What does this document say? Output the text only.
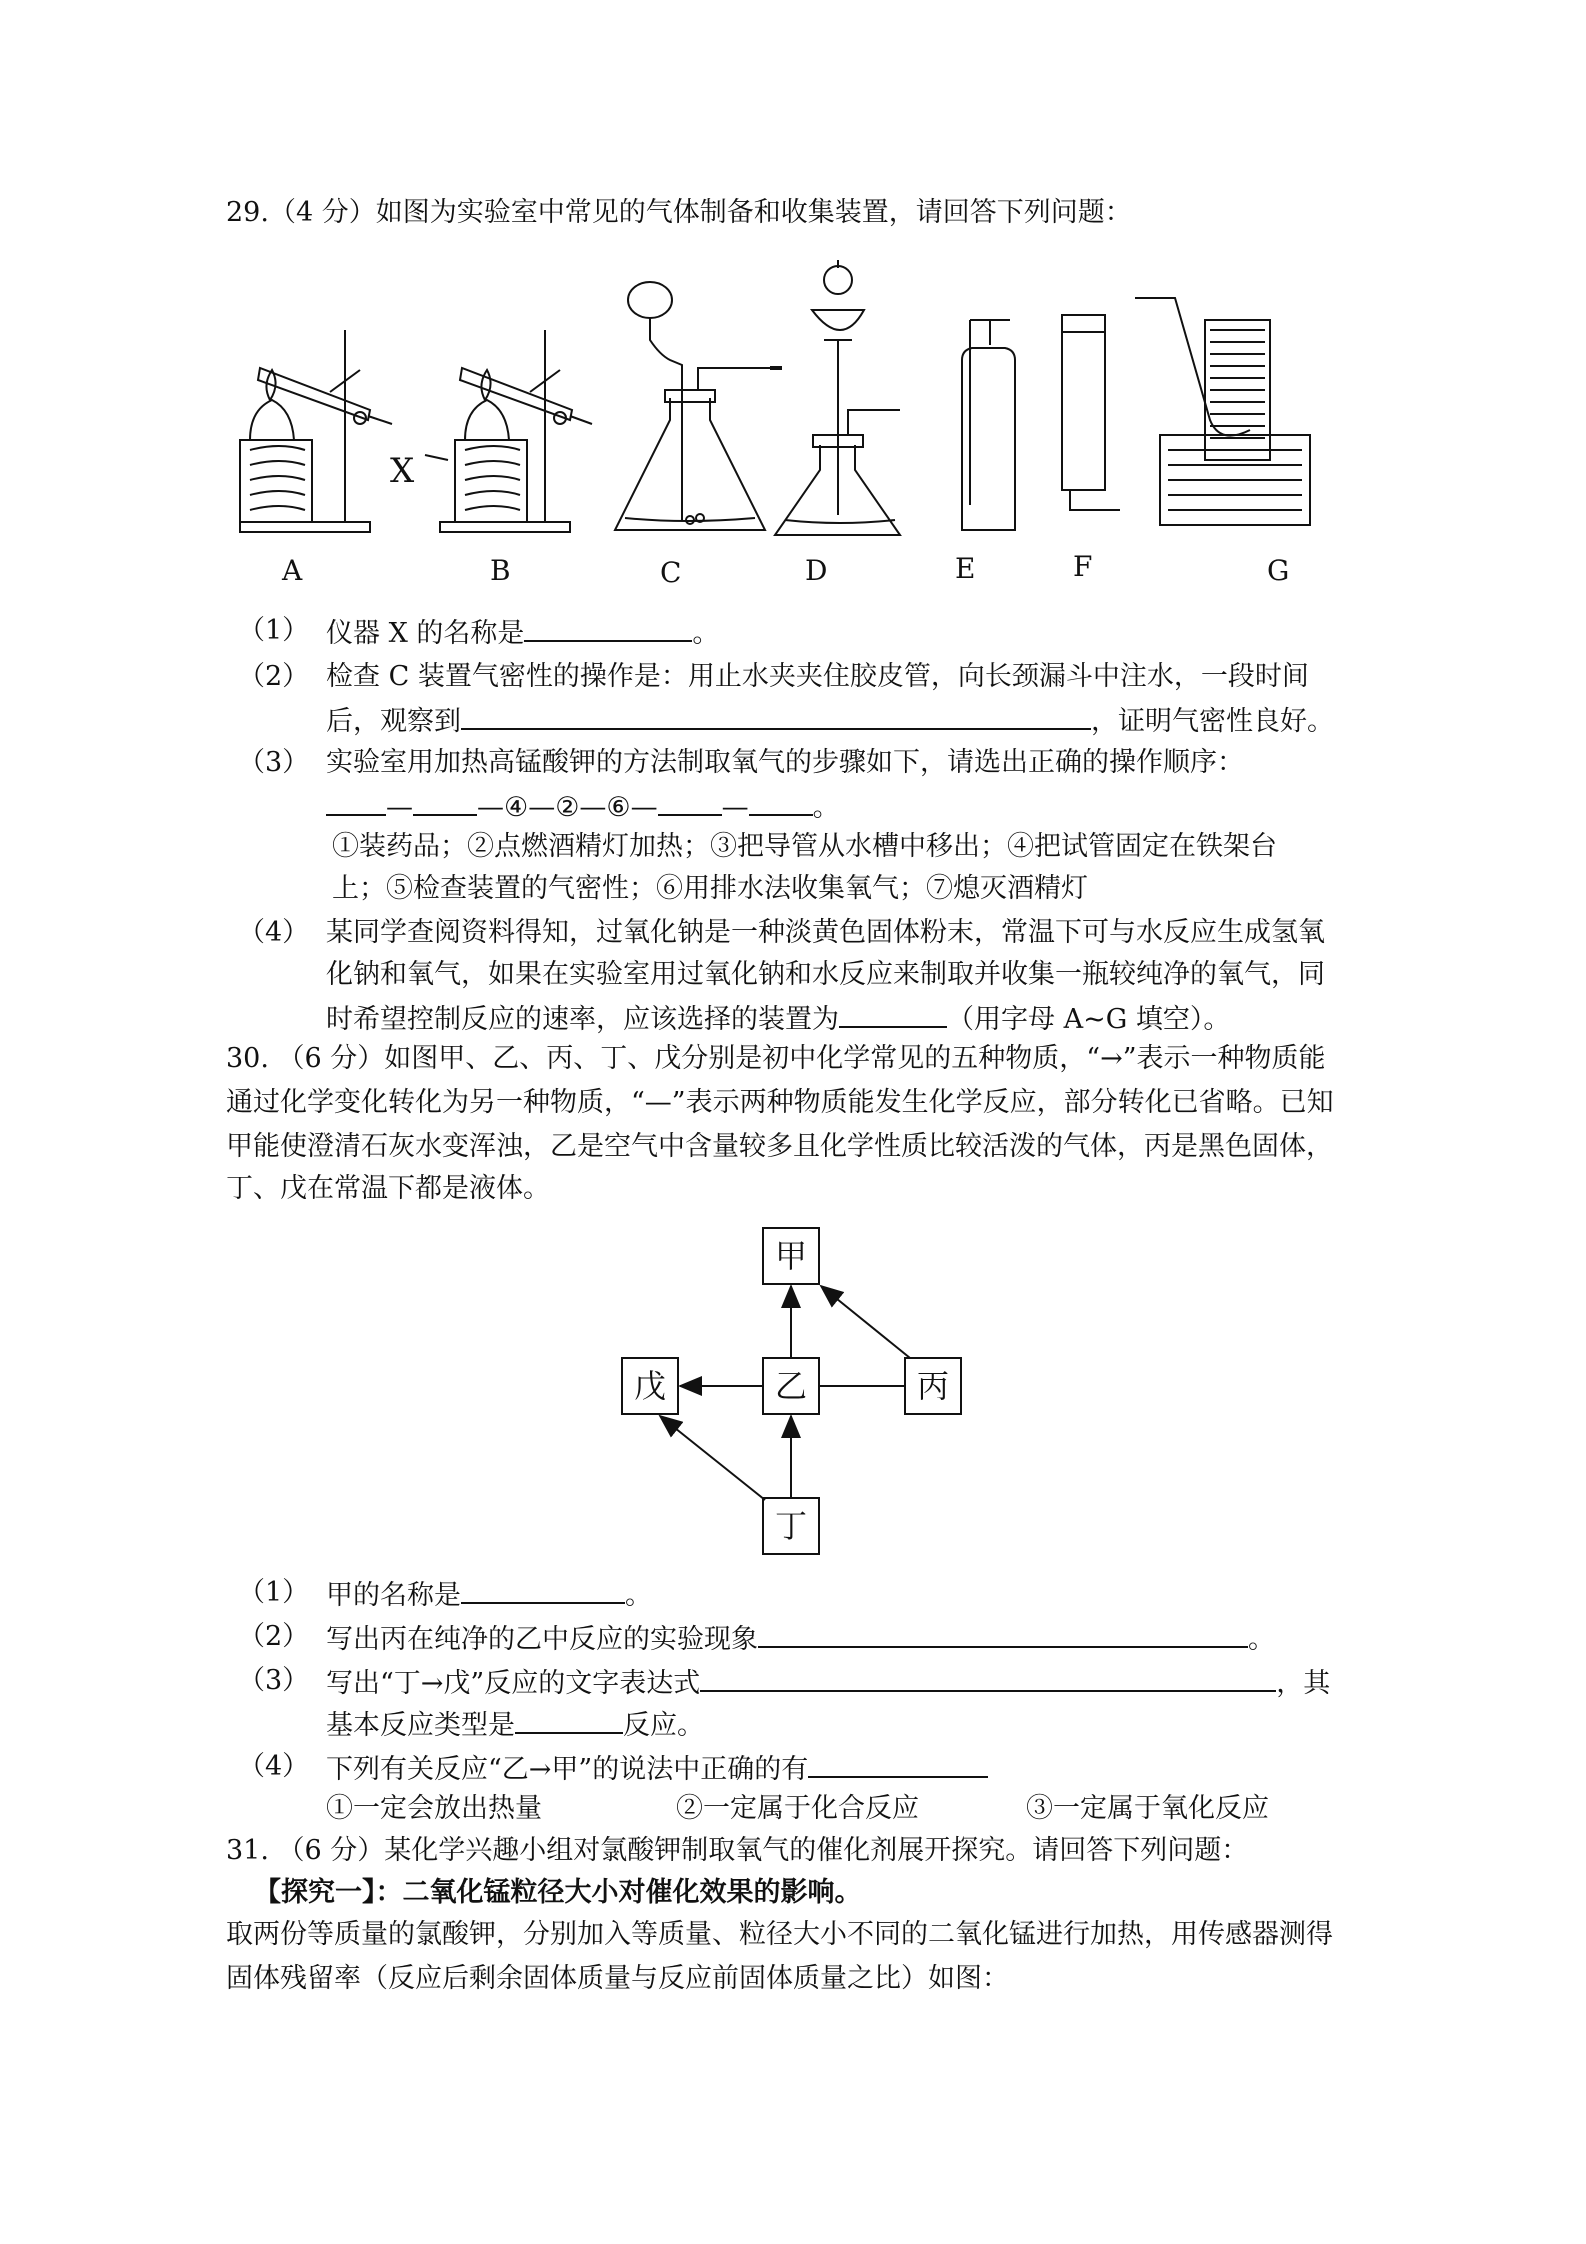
29.（4 分）如图为实验室中常见的气体制备和收集装置，请回答下列问题：
X
A	B	C	D	E	F	G
（1） 仪器 X 的名称是	。
（2） 检查 C 装置气密性的操作是：用止水夹夹住胶皮管，向长颈漏斗中注水，一段时间
后，观察到	，证明气密性良好。
（3） 实验室用加热高锰酸钾的方法制取氧气的步骤如下，请选出正确的操作顺序：
— —④—②—⑥— — 。
①装药品；②点燃酒精灯加热；③把导管从水槽中移出；④把试管固定在铁架台
上；⑤检查装置的气密性；⑥用排水法收集氧气；⑦熄灭酒精灯
（4） 某同学查阅资料得知，过氧化钠是一种淡黄色固体粉末，常温下可与水反应生成氢氧
化钠和氧气，如果在实验室用过氧化钠和水反应来制取并收集一瓶较纯净的氧气，同
时希望控制反应的速率，应该选择的装置为	（用字母 A~G 填空）。
30. （6 分）如图甲、乙、丙、丁、戊分别是初中化学常见的五种物质，“→”表示一种物质能
通过化学变化转化为另一种物质，“—”表示两种物质能发生化学反应，部分转化已省略。已知
甲能使澄清石灰水变浑浊，乙是空气中含量较多且化学性质比较活泼的气体，丙是黑色固体，
丁、戊在常温下都是液体。
甲
乙	丙
戊
丁
（1） 甲的名称是	。
（2） 写出丙在纯净的乙中反应的实验现象	。
（3） 写出“丁→戊”反应的文字表达式	，其
基本反应类型是	反应。
（4） 下列有关反应“乙→甲”的说法中正确的有
①一定会放出热量	②一定属于化合反应	③一定属于氧化反应
31. （6 分）某化学兴趣小组对氯酸钾制取氧气的催化剂展开探究。请回答下列问题：
【探究一】：二氧化锰粒径大小对催化效果的影响。
取两份等质量的氯酸钾，分别加入等质量、粒径大小不同的二氧化锰进行加热，用传感器测得
固体残留率（反应后剩余固体质量与反应前固体质量之比）如图：
